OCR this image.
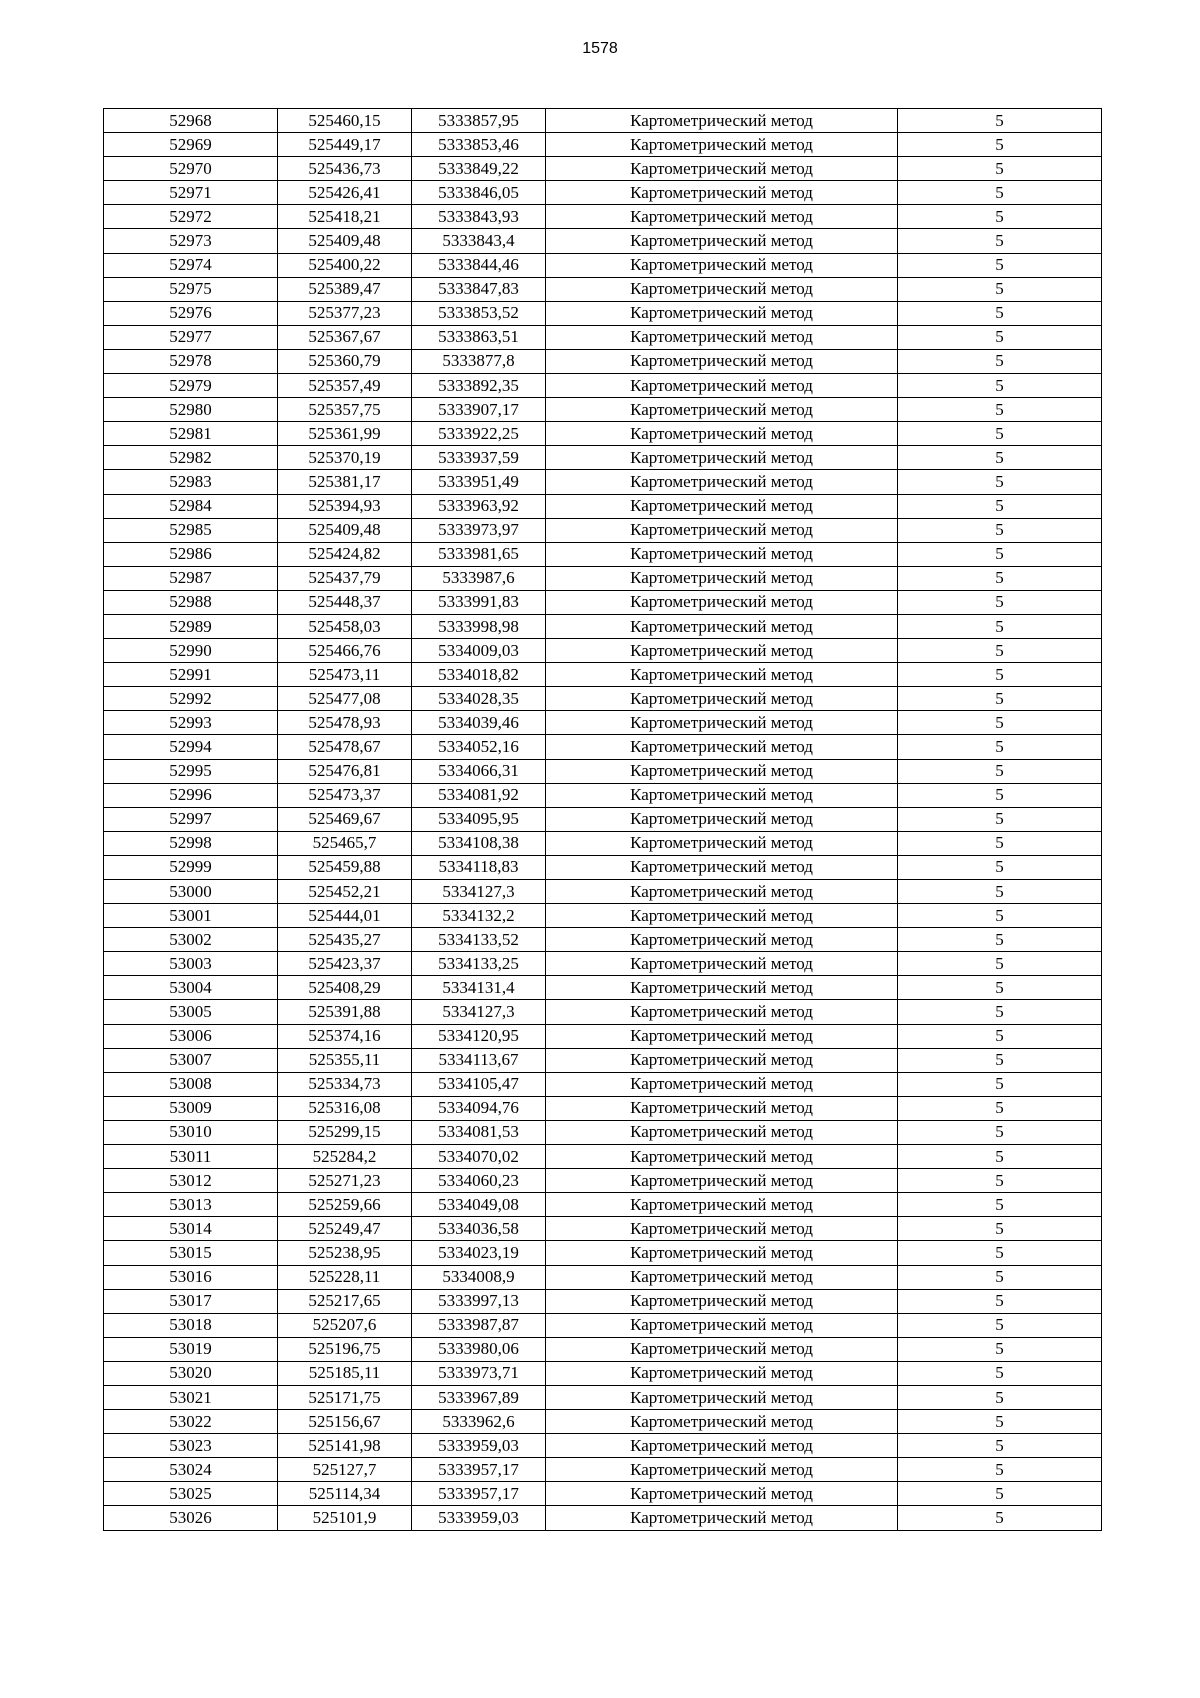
1578
52968	525460,15	5333857,95	Картометрический метод	5
52969	525449,17	5333853,46	Картометрический метод	5
52970	525436,73	5333849,22	Картометрический метод	5
52971	525426,41	5333846,05	Картометрический метод	5
52972	525418,21	5333843,93	Картометрический метод	5
52973	525409,48	5333843,4	Картометрический метод	5
52974	525400,22	5333844,46	Картометрический метод	5
52975	525389,47	5333847,83	Картометрический метод	5
52976	525377,23	5333853,52	Картометрический метод	5
52977	525367,67	5333863,51	Картометрический метод	5
52978	525360,79	5333877,8	Картометрический метод	5
52979	525357,49	5333892,35	Картометрический метод	5
52980	525357,75	5333907,17	Картометрический метод	5
52981	525361,99	5333922,25	Картометрический метод	5
52982	525370,19	5333937,59	Картометрический метод	5
52983	525381,17	5333951,49	Картометрический метод	5
52984	525394,93	5333963,92	Картометрический метод	5
52985	525409,48	5333973,97	Картометрический метод	5
52986	525424,82	5333981,65	Картометрический метод	5
52987	525437,79	5333987,6	Картометрический метод	5
52988	525448,37	5333991,83	Картометрический метод	5
52989	525458,03	5333998,98	Картометрический метод	5
52990	525466,76	5334009,03	Картометрический метод	5
52991	525473,11	5334018,82	Картометрический метод	5
52992	525477,08	5334028,35	Картометрический метод	5
52993	525478,93	5334039,46	Картометрический метод	5
52994	525478,67	5334052,16	Картометрический метод	5
52995	525476,81	5334066,31	Картометрический метод	5
52996	525473,37	5334081,92	Картометрический метод	5
52997	525469,67	5334095,95	Картометрический метод	5
52998	525465,7	5334108,38	Картометрический метод	5
52999	525459,88	5334118,83	Картометрический метод	5
53000	525452,21	5334127,3	Картометрический метод	5
53001	525444,01	5334132,2	Картометрический метод	5
53002	525435,27	5334133,52	Картометрический метод	5
53003	525423,37	5334133,25	Картометрический метод	5
53004	525408,29	5334131,4	Картометрический метод	5
53005	525391,88	5334127,3	Картометрический метод	5
53006	525374,16	5334120,95	Картометрический метод	5
53007	525355,11	5334113,67	Картометрический метод	5
53008	525334,73	5334105,47	Картометрический метод	5
53009	525316,08	5334094,76	Картометрический метод	5
53010	525299,15	5334081,53	Картометрический метод	5
53011	525284,2	5334070,02	Картометрический метод	5
53012	525271,23	5334060,23	Картометрический метод	5
53013	525259,66	5334049,08	Картометрический метод	5
53014	525249,47	5334036,58	Картометрический метод	5
53015	525238,95	5334023,19	Картометрический метод	5
53016	525228,11	5334008,9	Картометрический метод	5
53017	525217,65	5333997,13	Картометрический метод	5
53018	525207,6	5333987,87	Картометрический метод	5
53019	525196,75	5333980,06	Картометрический метод	5
53020	525185,11	5333973,71	Картометрический метод	5
53021	525171,75	5333967,89	Картометрический метод	5
53022	525156,67	5333962,6	Картометрический метод	5
53023	525141,98	5333959,03	Картометрический метод	5
53024	525127,7	5333957,17	Картометрический метод	5
53025	525114,34	5333957,17	Картометрический метод	5
53026	525101,9	5333959,03	Картометрический метод	5
